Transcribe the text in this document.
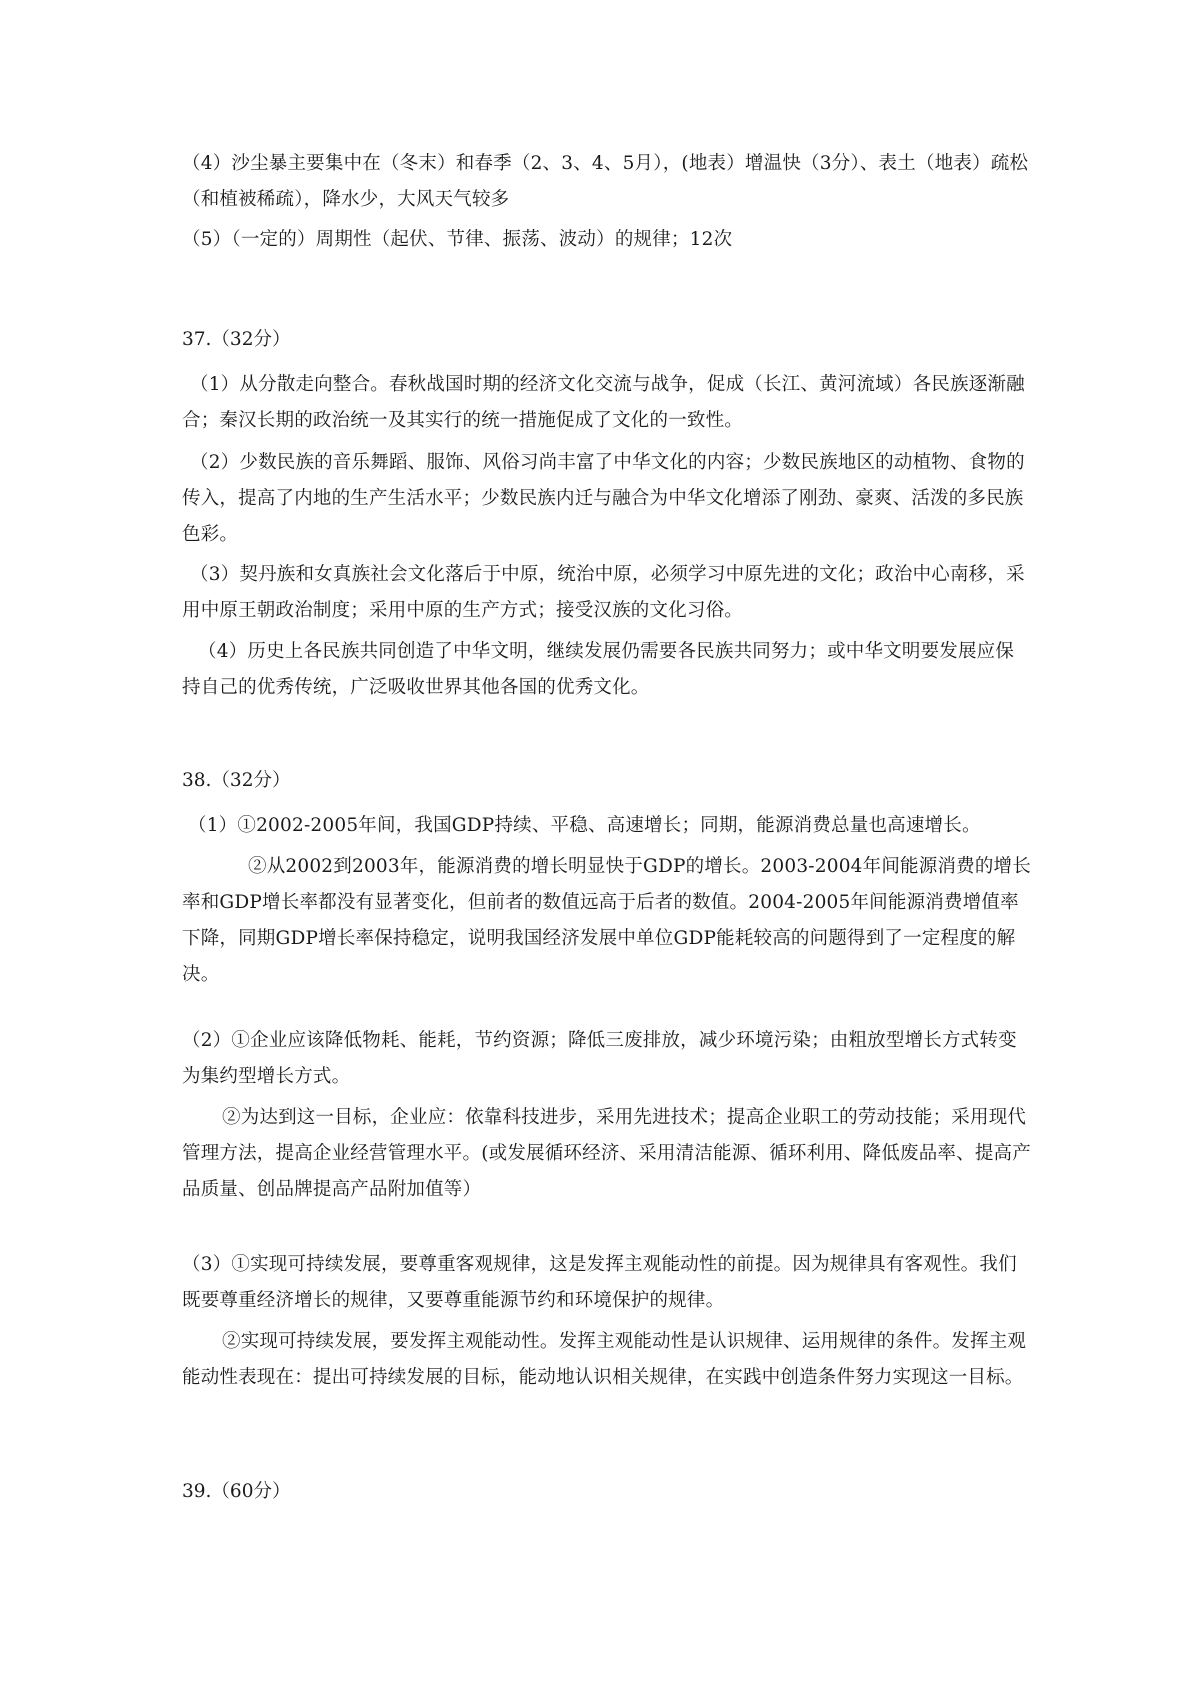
（4）沙尘暴主要集中在（冬末）和春季（2、3、4、5月），(地表）增温快（3分）、表土（地表）疏松（和植被稀疏），降水少，大风天气较多
（5）（一定的）周期性（起伏、节律、振荡、波动）的规律；12次
37.（32分）
（1）从分散走向整合。春秋战国时期的经济文化交流与战争，促成（长江、黄河流域）各民族逐渐融合；秦汉长期的政治统一及其实行的统一措施促成了文化的一致性。
（2）少数民族的音乐舞蹈、服饰、风俗习尚丰富了中华文化的内容；少数民族地区的动植物、食物的传入，提高了内地的生产生活水平；少数民族内迁与融合为中华文化增添了刚劲、豪爽、活泼的多民族色彩。
（3）契丹族和女真族社会文化落后于中原，统治中原，必须学习中原先进的文化；政治中心南移，采用中原王朝政治制度；采用中原的生产方式；接受汉族的文化习俗。
（4）历史上各民族共同创造了中华文明，继续发展仍需要各民族共同努力；或中华文明要发展应保持自己的优秀传统，广泛吸收世界其他各国的优秀文化。
38.（32分）
（1）①2002-2005年间，我国GDP持续、平稳、高速增长；同期，能源消费总量也高速增长。
②从2002到2003年，能源消费的增长明显快于GDP的增长。2003-2004年间能源消费的增长率和GDP增长率都没有显著变化，但前者的数值远高于后者的数值。2004-2005年间能源消费增值率下降，同期GDP增长率保持稳定，说明我国经济发展中单位GDP能耗较高的问题得到了一定程度的解决。
（2）①企业应该降低物耗、能耗，节约资源；降低三废排放，减少环境污染；由粗放型增长方式转变为集约型增长方式。
②为达到这一目标，企业应：依靠科技进步，采用先进技术；提高企业职工的劳动技能；采用现代管理方法，提高企业经营管理水平。(或发展循环经济、采用清洁能源、循环利用、降低废品率、提高产品质量、创品牌提高产品附加值等）
（3）①实现可持续发展，要尊重客观规律，这是发挥主观能动性的前提。因为规律具有客观性。我们既要尊重经济增长的规律，又要尊重能源节约和环境保护的规律。
②实现可持续发展，要发挥主观能动性。发挥主观能动性是认识规律、运用规律的条件。发挥主观能动性表现在：提出可持续发展的目标，能动地认识相关规律，在实践中创造条件努力实现这一目标。
39.（60分）
